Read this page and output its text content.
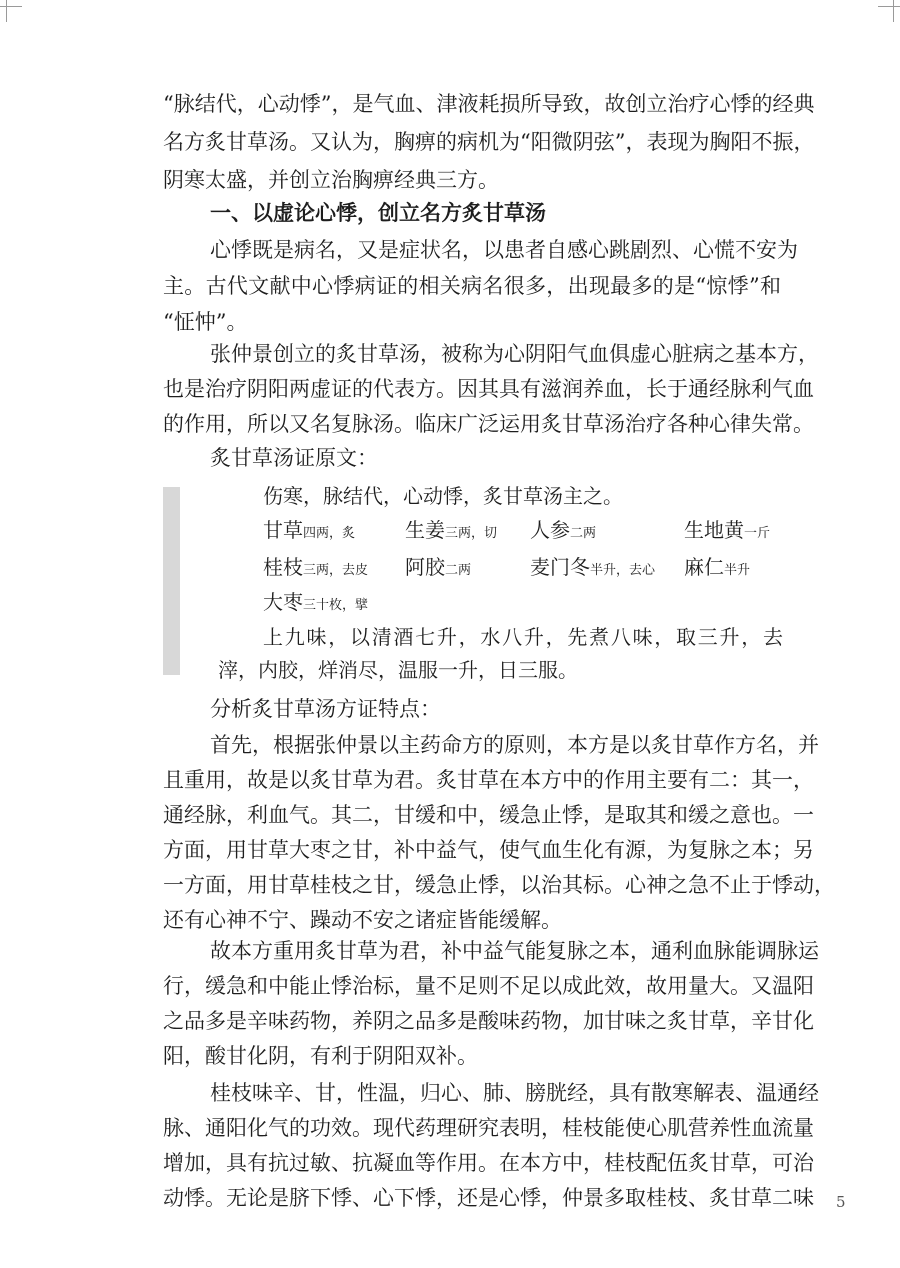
“脉结代，心动悸”，是气血、津液耗损所导致，故创立治疗心悸的经典
名方炙甘草汤。又认为，胸痹的病机为“阳微阴弦”，表现为胸阳不振，
阴寒太盛，并创立治胸痹经典三方。
一、以虚论心悸，创立名方炙甘草汤
心悸既是病名，又是症状名，以患者自感心跳剧烈、心慌不安为
主。古代文献中心悸病证的相关病名很多，出现最多的是“惊悸”和
“怔忡”。
张仲景创立的炙甘草汤，被称为心阴阳气血俱虚心脏病之基本方，
也是治疗阴阳两虚证的代表方。因其具有滋润养血，长于通经脉利气血
的作用，所以又名复脉汤。临床广泛运用炙甘草汤治疗各种心律失常。
炙甘草汤证原文：
伤寒，脉结代，心动悸，炙甘草汤主之。
甘草四两，炙 生姜三两，切 人参二两	生地黄一斤
桂枝三两，去皮 阿胶二两	麦门冬半升，去心 麻仁半升
大枣三十枚，擘
上九味，以清酒七升，水八升，先煮八味，取三升，去
滓，内胶，烊消尽，温服一升，日三服。
分析炙甘草汤方证特点：
首先，根据张仲景以主药命方的原则，本方是以炙甘草作方名，并
且重用，故是以炙甘草为君。炙甘草在本方中的作用主要有二：其一，
通经脉，利血气。其二，甘缓和中，缓急止悸，是取其和缓之意也。一
方面，用甘草大枣之甘，补中益气，使气血生化有源，为复脉之本；另
一方面，用甘草桂枝之甘，缓急止悸，以治其标。心神之急不止于悸动，
还有心神不宁、躁动不安之诸症皆能缓解。
故本方重用炙甘草为君，补中益气能复脉之本，通利血脉能调脉运
行，缓急和中能止悸治标，量不足则不足以成此效，故用量大。又温阳
之品多是辛味药物，养阴之品多是酸味药物，加甘味之炙甘草，辛甘化
阳，酸甘化阴，有利于阴阳双补。
桂枝味辛、甘，性温，归心、肺、膀胱经，具有散寒解表、温通经
脉、通阳化气的功效。现代药理研究表明，桂枝能使心肌营养性血流量
增加，具有抗过敏、抗凝血等作用。在本方中，桂枝配伍炙甘草，可治
动悸。无论是脐下悸、心下悸，还是心悸，仲景多取桂枝、炙甘草二味 5
